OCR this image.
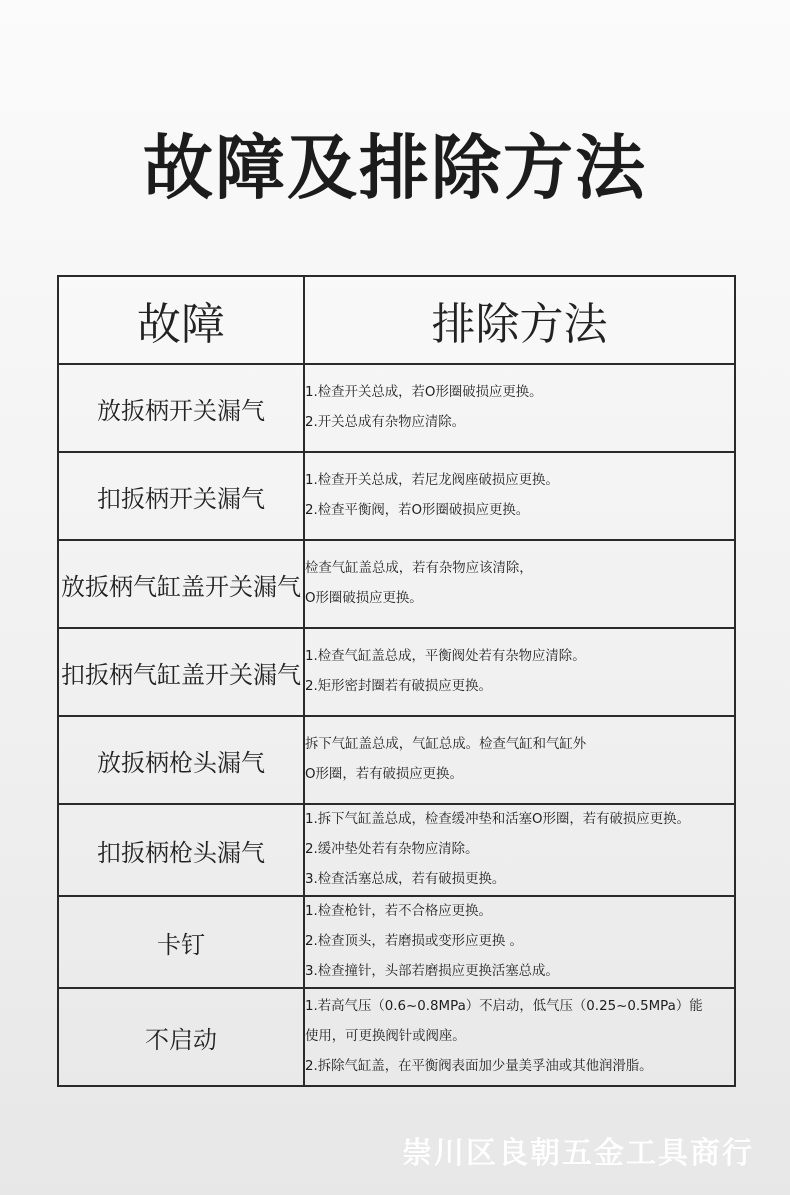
故障及排除方法
故障	排除方法
放扳柄开关漏气	1.检查开关总成，若O形圈破损应更换。
2.开关总成有杂物应清除。

扣扳柄开关漏气	1.检查开关总成，若尼龙阀座破损应更换。
2.检查平衡阀，若O形圈破损应更换。

放扳柄气缸盖开关漏气	检查气缸盖总成，若有杂物应该清除，
O形圈破损应更换。

扣扳柄气缸盖开关漏气	1.检查气缸盖总成，平衡阀处若有杂物应清除。
2.矩形密封圈若有破损应更换。

放扳柄枪头漏气	拆下气缸盖总成，气缸总成。检查气缸和气缸外
O形圈，若有破损应更换。

扣扳柄枪头漏气	1.拆下气缸盖总成，检查缓冲垫和活塞O形圈，若有破损应更换。
2.缓冲垫处若有杂物应清除。
3.检查活塞总成，若有破损更换。

卡钉	1.检查枪针，若不合格应更换。
2.检查顶头，若磨损或变形应更换 。
3.检查撞针，头部若磨损应更换活塞总成。

不启动	1.若高气压（0.6~0.8MPa）不启动，低气压（0.25~0.5MPa）能
使用，可更换阀针或阀座。
2.拆除气缸盖，在平衡阀表面加少量美孚油或其他润滑脂。
崇川区良朝五金工具商行
